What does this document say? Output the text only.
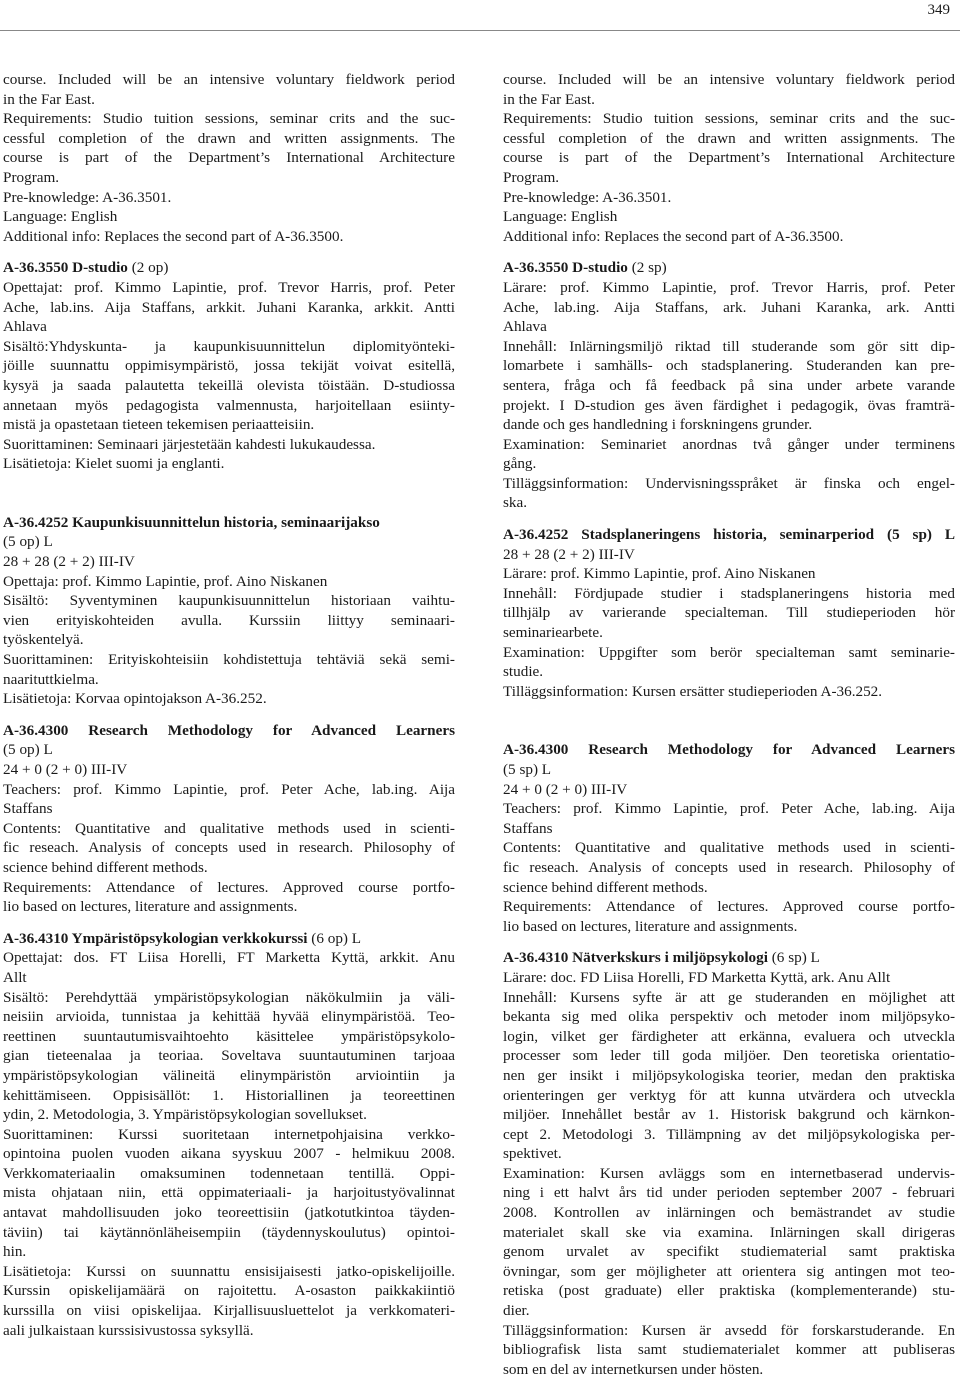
349
course. Included will be an intensive voluntary fieldwork period
in the Far East.
Requirements: Studio tuition sessions, seminar crits and the suc-
cessful completion of the drawn and written assignments. The
course is part of the Department’s International Architecture
Program.
Pre-knowledge: A-36.3501.
Language: English
Additional info: Replaces the second part of A-36.3500.
A-36.3550 D-studio (2 op)
Opettajat: prof. Kimmo Lapintie, prof. Trevor Harris, prof. Peter
Ache, lab.ins. Aija Staffans, arkkit. Juhani Karanka, arkkit. Antti
Ahlava
Sisältö:Yhdyskunta- ja kaupunkisuunnittelun diplomityönteki-
jöille suunnattu oppimisympäristö, jossa tekijät voivat esitellä,
kysyä ja saada palautetta tekeillä olevista töistään. D-studiossa
annetaan myös pedagogista valmennusta, harjoitellaan esiinty-
mistä ja opastetaan tieteen tekemisen periaatteisiin.
Suorittaminen: Seminaari järjestetään kahdesti lukukaudessa.
Lisätietoja: Kielet suomi ja englanti.
A-36.4252 Kaupunkisuunnittelun historia, seminaarijakso
(5 op) L
28 + 28 (2 + 2) III-IV
Opettaja: prof. Kimmo Lapintie, prof. Aino Niskanen
Sisältö: Syventyminen kaupunkisuunnittelun historiaan vaihtu-
vien erityiskohteiden avulla. Kurssiin liittyy seminaari-
työskentelyä.
Suorittaminen: Erityiskohteisiin kohdistettuja tehtäviä sekä semi-
naarituttkielma.
Lisätietoja: Korvaa opintojakson A-36.252.
A-36.4300 Research Methodology for Advanced Learners
(5 op) L
24 + 0 (2 + 0) III-IV
Teachers: prof. Kimmo Lapintie, prof. Peter Ache, lab.ing. Aija
Staffans
Contents: Quantitative and qualitative methods used in scienti-
fic reseach. Analysis of concepts used in research. Philosophy of
science behind different methods.
Requirements: Attendance of lectures. Approved course portfo-
lio based on lectures, literature and assignments.
A-36.4310 Ympäristöpsykologian verkkokurssi (6 op) L
Opettajat: dos. FT Liisa Horelli, FT Marketta Kyttä, arkkit. Anu
Allt
Sisältö: Perehdyttää ympäristöpsykologian näkökulmiin ja väli-
neisiin arvioida, tunnistaa ja kehittää hyvää elinympäristöä. Teo-
reettinen suuntautumisvaihtoehto käsittelee ympäristöpsykolo-
gian tieteenalaa ja teoriaa. Soveltava suuntautuminen tarjoaa
ympäristöpsykologian välineitä elinympäristön arviointiin ja
kehittämiseen. Oppisisällöt: 1. Historiallinen ja teoreettinen
ydin, 2. Metodologia, 3. Ympäristöpsykologian sovellukset.
Suorittaminen: Kurssi suoritetaan internetpohjaisina verkko-
opintoina puolen vuoden aikana syyskuu 2007 - helmikuu 2008.
Verkkomateriaalin omaksuminen todennetaan tentillä. Oppi-
mista ohjataan niin, että oppimateriaali- ja harjoitustyövalinnat
antavat mahdollisuuden joko teoreettisiin (jatkotutkintoa täyden-
täviin) tai käytännönläheisempiin (täydennyskoulutus) opintoi-
hin.
Lisätietoja: Kurssi on suunnattu ensisijaisesti jatko-opiskelijoille.
Kurssin opiskelijamäärä on rajoitettu. A-osaston paikkakiintiö
kurssilla on viisi opiskelijaa. Kirjallisuusluettelot ja verkkomateri-
aali julkaistaan kurssisivustossa syksyllä.
course. Included will be an intensive voluntary fieldwork period
in the Far East.
Requirements: Studio tuition sessions, seminar crits and the suc-
cessful completion of the drawn and written assignments. The
course is part of the Department’s International Architecture
Program.
Pre-knowledge: A-36.3501.
Language: English
Additional info: Replaces the second part of A-36.3500.
A-36.3550 D-studio (2 sp)
Lärare: prof. Kimmo Lapintie, prof. Trevor Harris, prof. Peter
Ache, lab.ing. Aija Staffans, ark. Juhani Karanka, ark. Antti
Ahlava
Innehåll: Inlärningsmiljö riktad till studerande som gör sitt dip-
lomarbete i samhälls- och stadsplanering. Studeranden kan pre-
sentera, fråga och få feedback på sina under arbete varande
projekt. I D-studion ges även färdighet i pedagogik, övas framträ-
dande och ges handledning i forskningens grunder.
Examination: Seminariet anordnas två gånger under terminens
gång.
Tilläggsinformation: Undervisningsspråket är finska och engel-
ska.
A-36.4252 Stadsplaneringens historia, seminarperiod (5 sp) L
28 + 28 (2 + 2) III-IV
Lärare: prof. Kimmo Lapintie, prof. Aino Niskanen
Innehåll: Fördjupade studier i stadsplaneringens historia med
tillhjälp av varierande specialteman. Till studieperioden hör
seminariearbete.
Examination: Uppgifter som berör specialteman samt seminarie-
studie.
Tilläggsinformation: Kursen ersätter studieperioden A-36.252.
A-36.4300 Research Methodology for Advanced Learners
(5 sp) L
24 + 0 (2 + 0) III-IV
Teachers: prof. Kimmo Lapintie, prof. Peter Ache, lab.ing. Aija
Staffans
Contents: Quantitative and qualitative methods used in scienti-
fic reseach. Analysis of concepts used in research. Philosophy of
science behind different methods.
Requirements: Attendance of lectures. Approved course portfo-
lio based on lectures, literature and assignments.
A-36.4310 Nätverkskurs i miljöpsykologi (6 sp) L
Lärare: doc. FD Liisa Horelli, FD Marketta Kyttä, ark. Anu Allt
Innehåll: Kursens syfte är att ge studeranden en möjlighet att
bekanta sig med olika perspektiv och metoder inom miljöpsyko-
login, vilket ger färdigheter att erkänna, evaluera och utveckla
processer som leder till goda miljöer. Den teoretiska orientatio-
nen ger insikt i miljöpsykologiska teorier, medan den praktiska
orienteringen ger verktyg för att kunna utvärdera och utveckla
miljöer. Innehållet består av 1. Historisk bakgrund och kärnkon-
cept 2. Metodologi 3. Tillämpning av det miljöpsykologiska per-
spektivet.
Examination: Kursen avläggs som en internetbaserad undervis-
ning i ett halvt års tid under perioden september 2007 - februari
2008. Kontrollen av inlärningen och bemästrandet av studie
materialet skall ske via examina. Inlärningen skall dirigeras
genom urvalet av specifikt studiematerial samt praktiska
övningar, som ger möjligheter att orientera sig antingen mot teo-
retiska (post graduate) eller praktiska (komplementerande) stu-
dier.
Tilläggsinformation: Kursen är avsedd för forskarstuderande. En
bibliografisk lista samt studiematerialet kommer att publiseras
som en del av internetkursen under hösten.
